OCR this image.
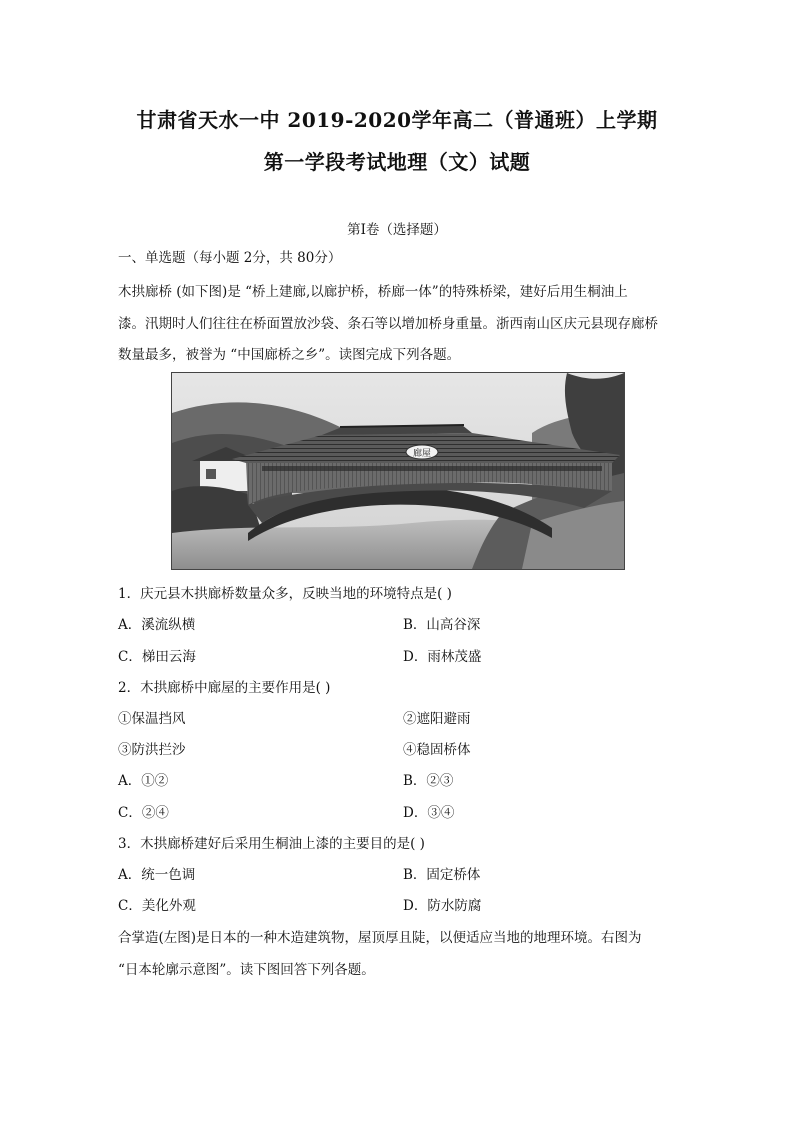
甘肃省天水一中 2019-2020学年高二（普通班）上学期
第一学段考试地理（文）试题
第Ⅰ卷（选择题）
一、单选题（每小题 2分，共 80分）
木拱廊桥 (如下图)是 “桥上建廊,以廊护桥，桥廊一体”的特殊桥梁，建好后用生桐油上
漆。汛期时人们往往在桥面置放沙袋、条石等以增加桥身重量。浙西南山区庆元县现存廊桥
数量最多，被誉为 “中国廊桥之乡”。读图完成下列各题。
廊屋
1．庆元县木拱廊桥数量众多，反映当地的环境特点是( )
A．溪流纵横	B．山高谷深
C．梯田云海	D．雨林茂盛
2．木拱廊桥中廊屋的主要作用是( )
①保温挡风	②遮阳避雨
③防洪拦沙	④稳固桥体
A．①②	B．②③
C．②④	D．③④
3．木拱廊桥建好后采用生桐油上漆的主要目的是( )
A．统一色调	B．固定桥体
C．美化外观	D．防水防腐
合掌造(左图)是日本的一种木造建筑物，屋顶厚且陡，以便适应当地的地理环境。右图为
“日本轮廓示意图”。读下图回答下列各题。
